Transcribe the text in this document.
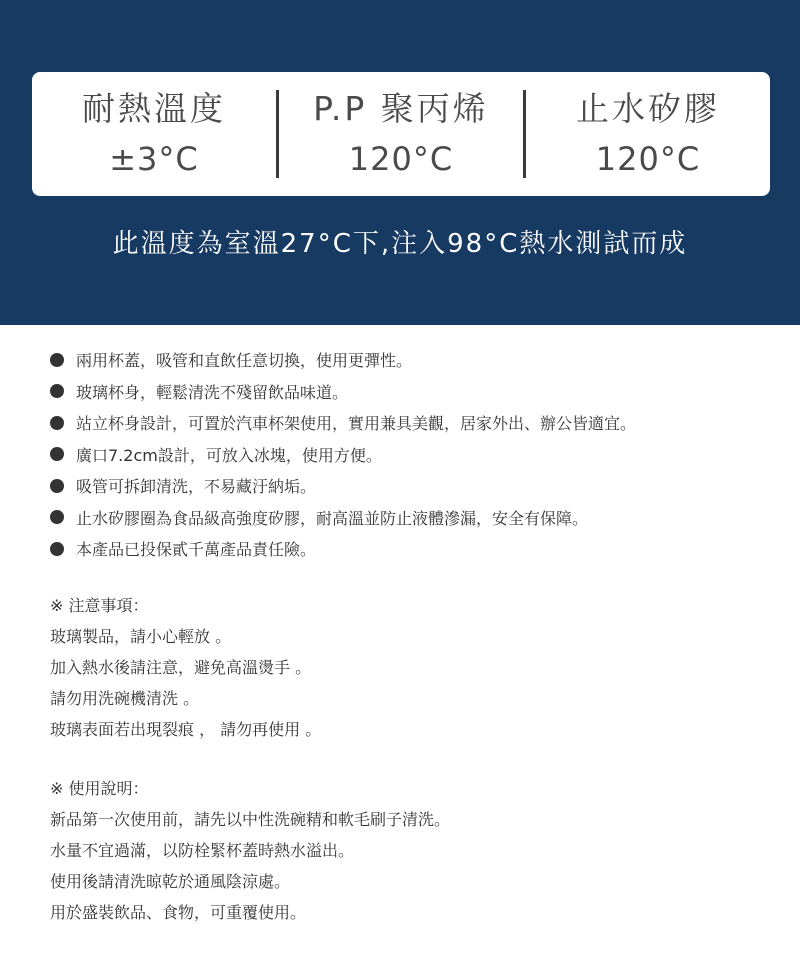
耐熱溫度
±3°C
P.P 聚丙烯
120°C
止水矽膠
120°C
此溫度為室溫27°C下,注入98°C熱水測試而成
兩用杯蓋，吸管和直飲任意切換，使用更彈性。
玻璃杯身，輕鬆清洗不殘留飲品味道。
站立杯身設計，可置於汽車杯架使用，實用兼具美觀，居家外出、辦公皆適宜。
廣口7.2cm設計，可放入冰塊，使用方便。
吸管可拆卸清洗，不易藏汙納垢。
止水矽膠圈為食品級高強度矽膠，耐高溫並防止液體滲漏，安全有保障。
本產品已投保貳千萬產品責任險。
※ 注意事項：
玻璃製品，請小心輕放 。
加入熱水後請注意，避免高溫燙手 。
請勿用洗碗機清洗 。
玻璃表面若出現裂痕 ， 請勿再使用 。
※ 使用說明：
新品第一次使用前，請先以中性洗碗精和軟毛刷子清洗。
水量不宜過滿，以防栓緊杯蓋時熱水溢出。
使用後請清洗晾乾於通風陰涼處。
用於盛裝飲品、食物，可重覆使用。
